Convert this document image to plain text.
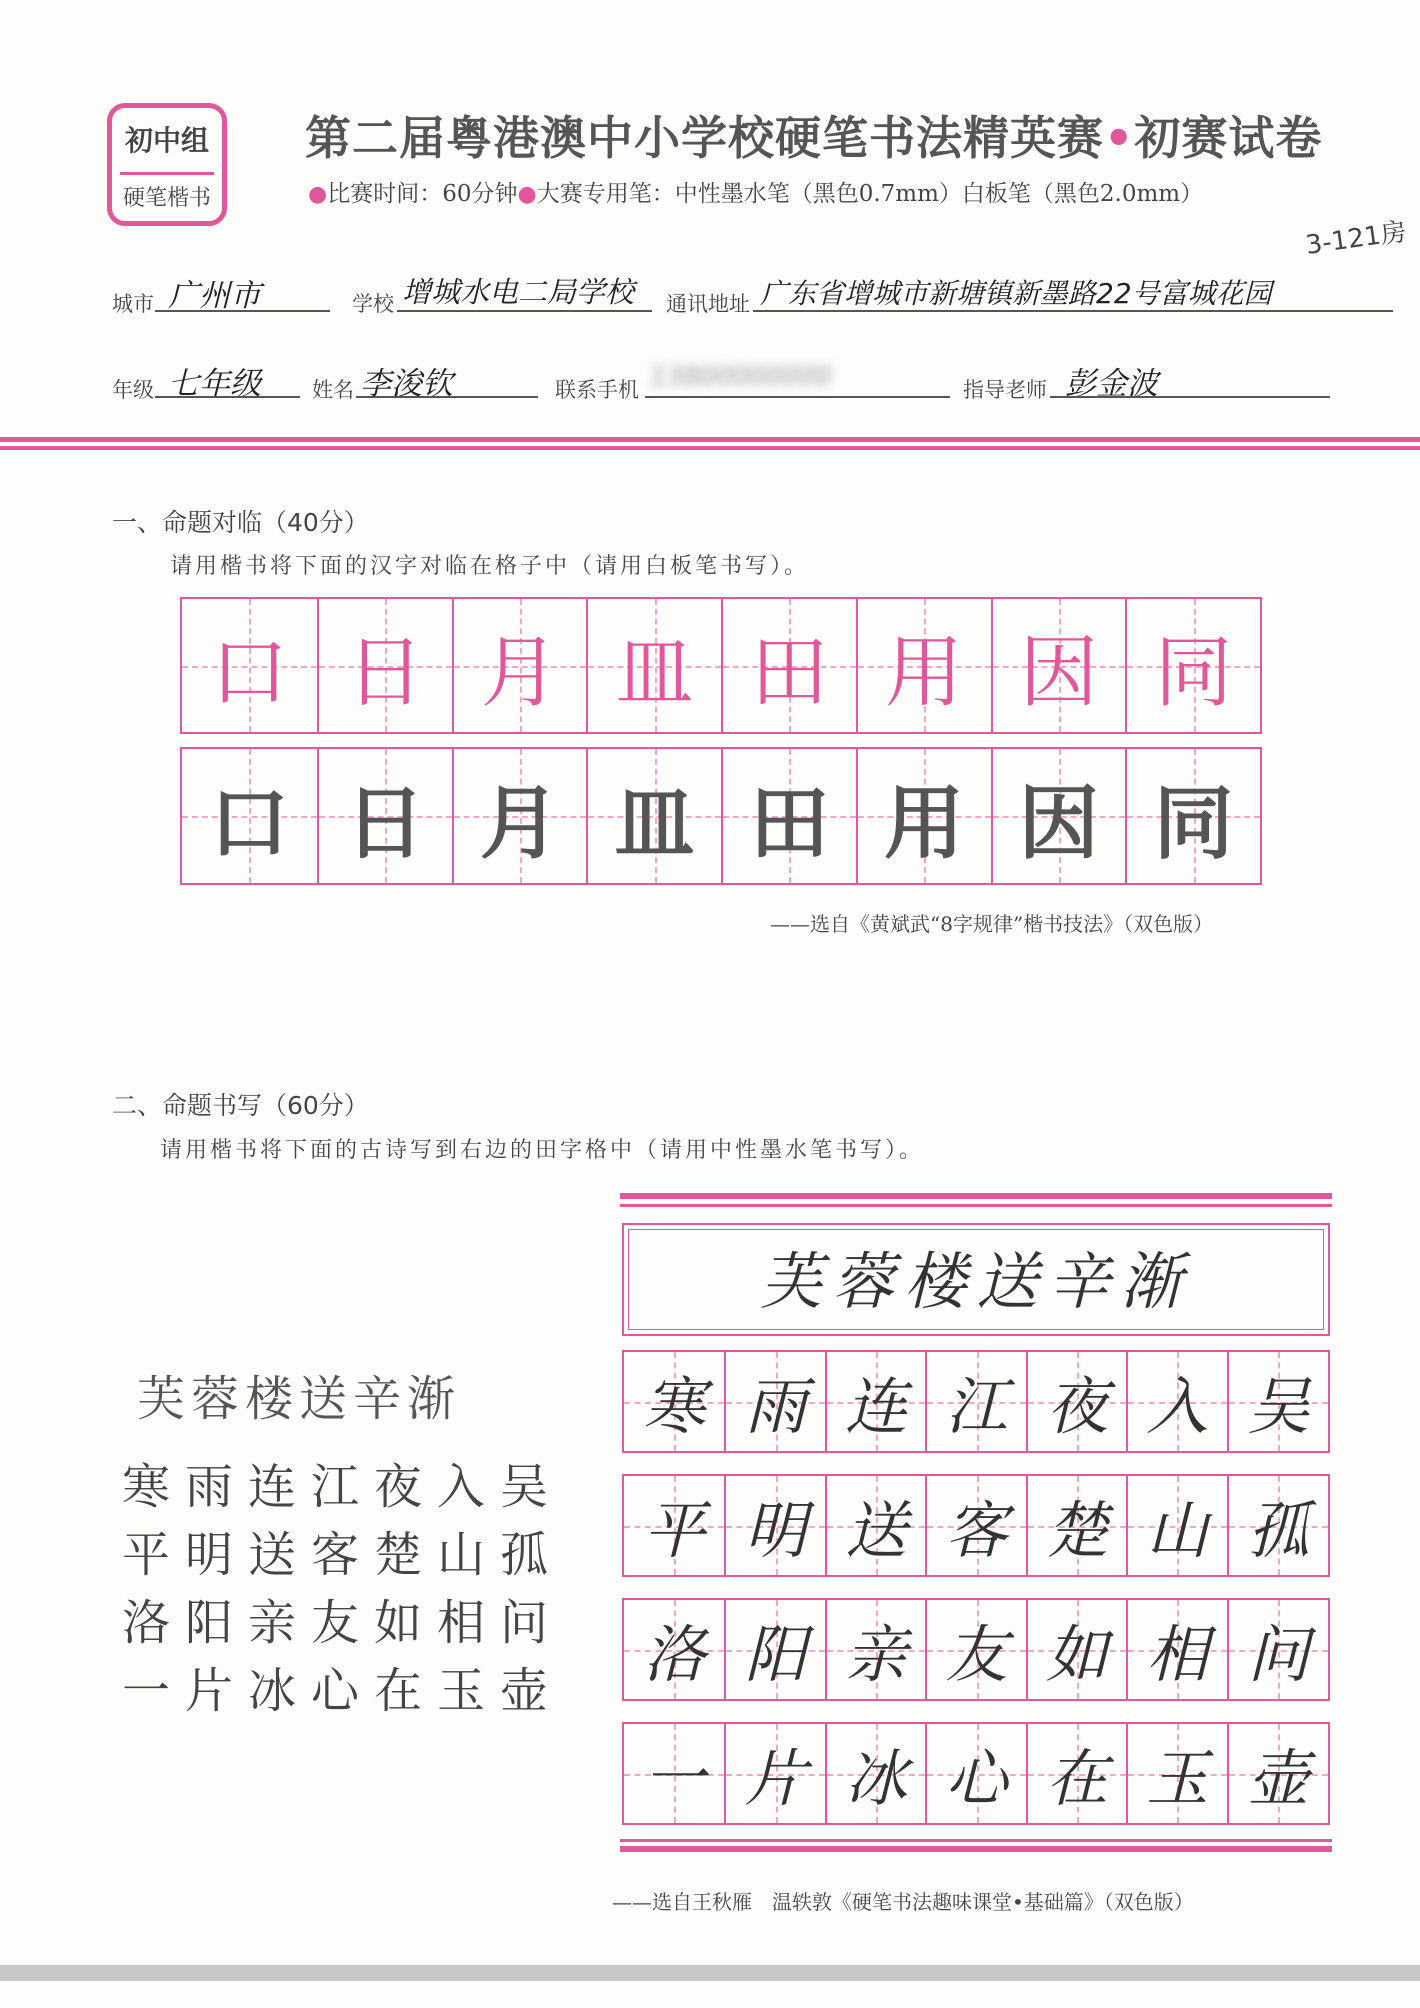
初中组
硬笔楷书
第二届粤港澳中小学校硬笔书法精英赛•初赛试卷
●比赛时间：60分钟●大赛专用笔：中性墨水笔（黑色0.7mm）白板笔（黑色2.0mm）
3-121房
城市 广州市	学校 增城水电二局学校 通讯地址 广东省增城市新塘镇新墨路22号富城花园
年级 七年级 姓名 李浚钦	联系手机 13800000000	指导老师 彭金波
一、命题对临（40分）
请用楷书将下面的汉字对临在格子中（请用白板笔书写）。
口 日 月 皿 田 用 因 同
口 日 月 皿 田 用 因 同
——选自《黄斌武“8字规律”楷书技法》（双色版）
二、命题书写（60分）
请用楷书将下面的古诗写到右边的田字格中（请用中性墨水笔书写）。
芙蓉楼送辛渐
寒雨连江夜入吴
平明送客楚山孤
洛阳亲友如相问
一片冰心在玉壶
芙蓉楼送辛渐
寒 雨 连 江 夜 入 吴
平 明 送 客 楚 山 孤
洛 阳 亲 友 如 相 问
一 片 冰 心 在 玉 壶
——选自王秋雁　温轶敦《硬笔书法趣味课堂•基础篇》（双色版）
